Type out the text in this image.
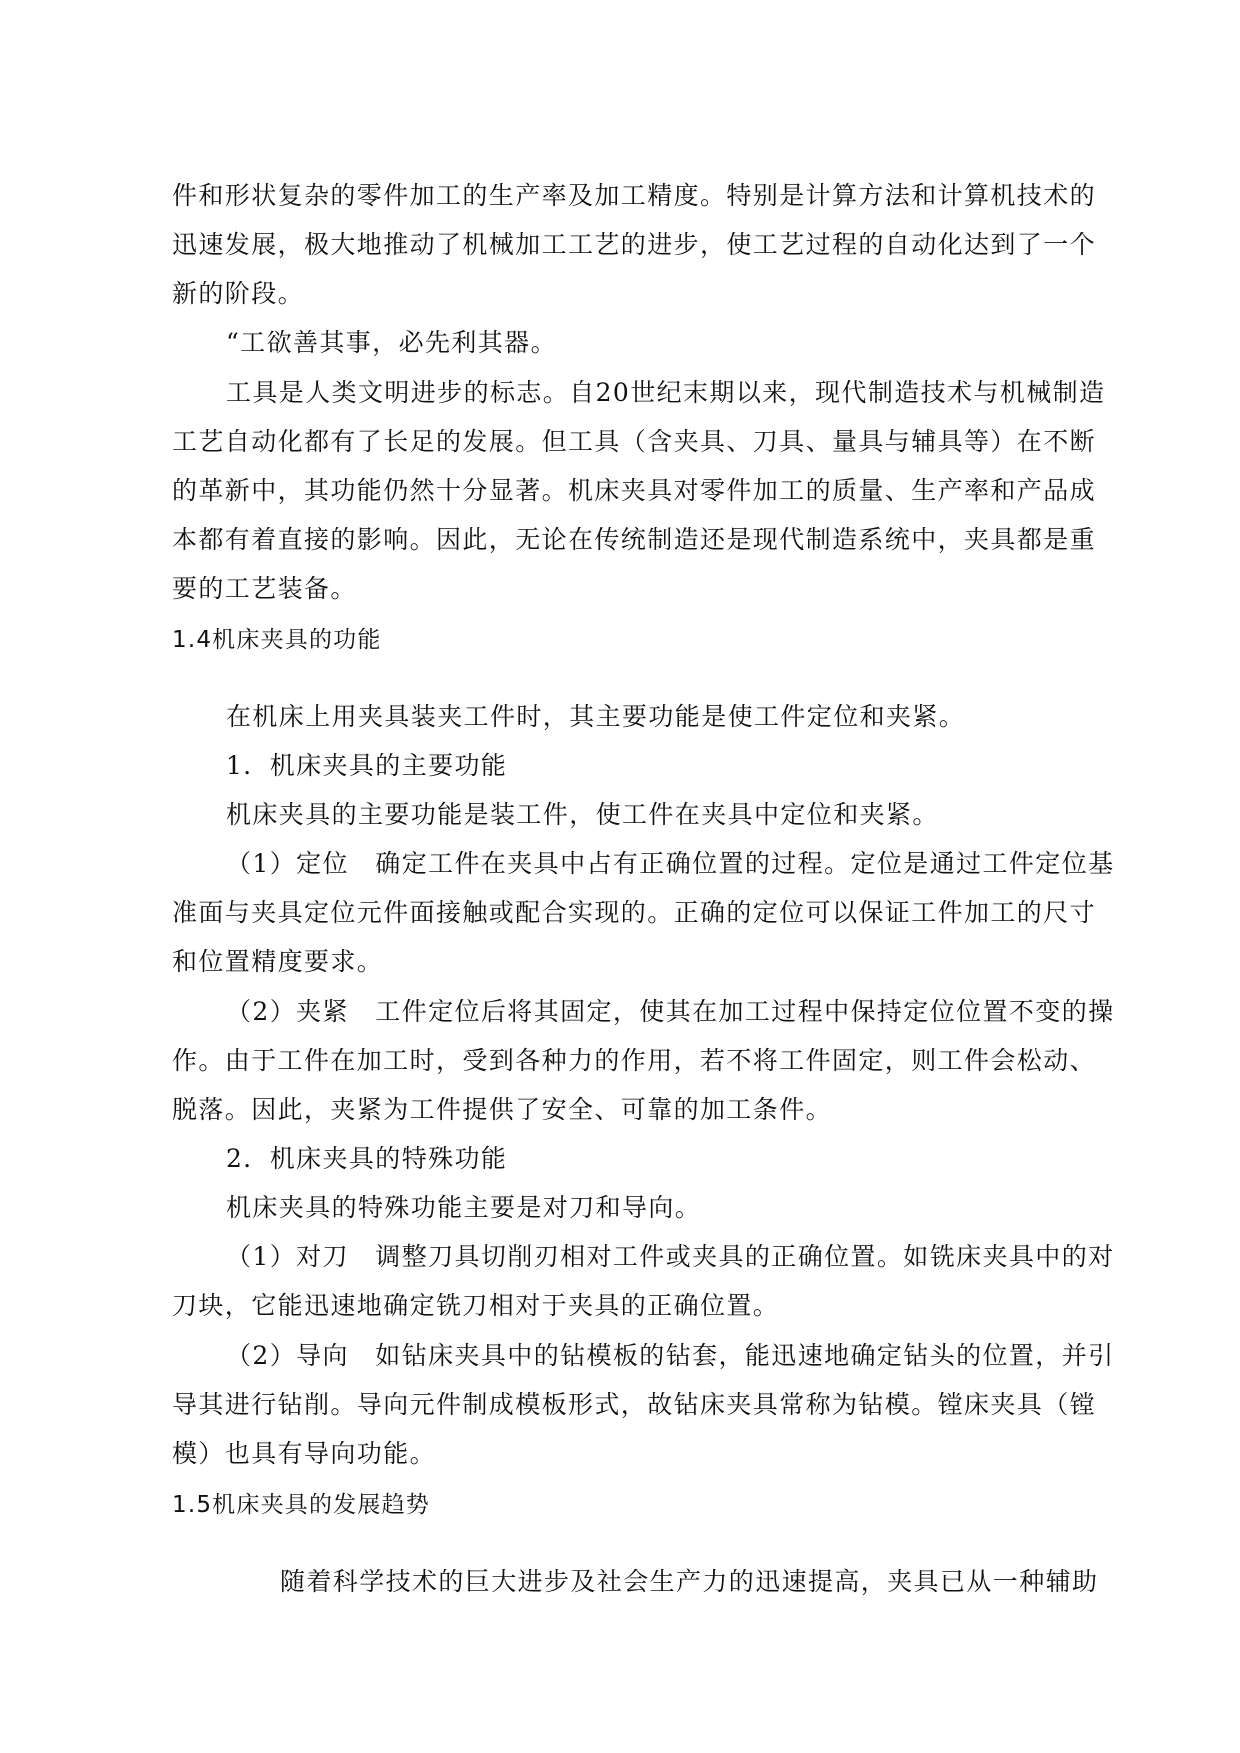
件和形状复杂的零件加工的生产率及加工精度。特别是计算方法和计算机技术的

迅速发展，极大地推动了机械加工工艺的进步，使工艺过程的自动化达到了一个

新的阶段。

“工欲善其事，必先利其器。

工具是人类文明进步的标志。自20世纪末期以来，现代制造技术与机械制造

工艺自动化都有了长足的发展。但工具（含夹具、刀具、量具与辅具等）在不断

的革新中，其功能仍然十分显著。机床夹具对零件加工的质量、生产率和产品成

本都有着直接的影响。因此，无论在传统制造还是现代制造系统中，夹具都是重

要的工艺装备。

1.4机床夹具的功能

在机床上用夹具装夹工件时，其主要功能是使工件定位和夹紧。

1．机床夹具的主要功能

机床夹具的主要功能是装工件，使工件在夹具中定位和夹紧。

（1）定位　确定工件在夹具中占有正确位置的过程。定位是通过工件定位基

准面与夹具定位元件面接触或配合实现的。正确的定位可以保证工件加工的尺寸

和位置精度要求。

（2）夹紧　工件定位后将其固定，使其在加工过程中保持定位位置不变的操

作。由于工件在加工时，受到各种力的作用，若不将工件固定，则工件会松动、

脱落。因此，夹紧为工件提供了安全、可靠的加工条件。

2．机床夹具的特殊功能

机床夹具的特殊功能主要是对刀和导向。

（1）对刀　调整刀具切削刃相对工件或夹具的正确位置。如铣床夹具中的对

刀块，它能迅速地确定铣刀相对于夹具的正确位置。

（2）导向　如钻床夹具中的钻模板的钻套，能迅速地确定钻头的位置，并引

导其进行钻削。导向元件制成模板形式，故钻床夹具常称为钻模。镗床夹具（镗

模）也具有导向功能。

1.5机床夹具的发展趋势

随着科学技术的巨大进步及社会生产力的迅速提高，夹具已从一种辅助
